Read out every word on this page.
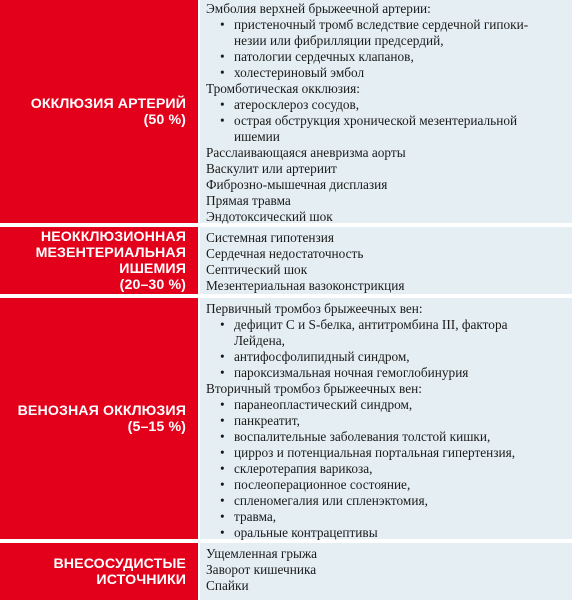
ОККЛЮЗИЯ АРТЕРИЙ
(50 %)
Эмболия верхней брыжеечной артерии:
• пристеночный тромб вследствие сердечной гипоки-
незии или фибрилляции предсердий,
• патологии сердечных клапанов,
• холестериновый эмбол
Тромботическая окклюзия:
• атеросклероз сосудов,
• острая обструкция хронической мезентериальной
ишемии
Расслаивающаяся аневризма аорты
Васкулит или артериит
Фиброзно-мышечная дисплазия
Прямая травма
Эндотоксический шок
НЕОККЛЮЗИОННАЯ
МЕЗЕНТЕРИАЛЬНАЯ
ИШЕМИЯ
(20–30 %)
Системная гипотензия
Сердечная недостаточность
Септический шок
Мезентериальная вазоконстрикция
ВЕНОЗНАЯ ОККЛЮЗИЯ
(5–15 %)
Первичный тромбоз брыжеечных вен:
• дефицит С и S-белка, антитромбина III, фактора
Лейдена,
• антифосфолипидный синдром,
• пароксизмальная ночная гемоглобинурия
Вторичный тромбоз брыжеечных вен:
• паранеопластический синдром,
• панкреатит,
• воспалительные заболевания толстой кишки,
• цирроз и потенциальная портальная гипертензия,
• склеротерапия варикоза,
• послеоперационное состояние,
• спленомегалия или спленэктомия,
• травма,
• оральные контрацептивы
ВНЕСОСУДИСТЫЕ
ИСТОЧНИКИ
Ущемленная грыжа
Заворот кишечника
Спайки
